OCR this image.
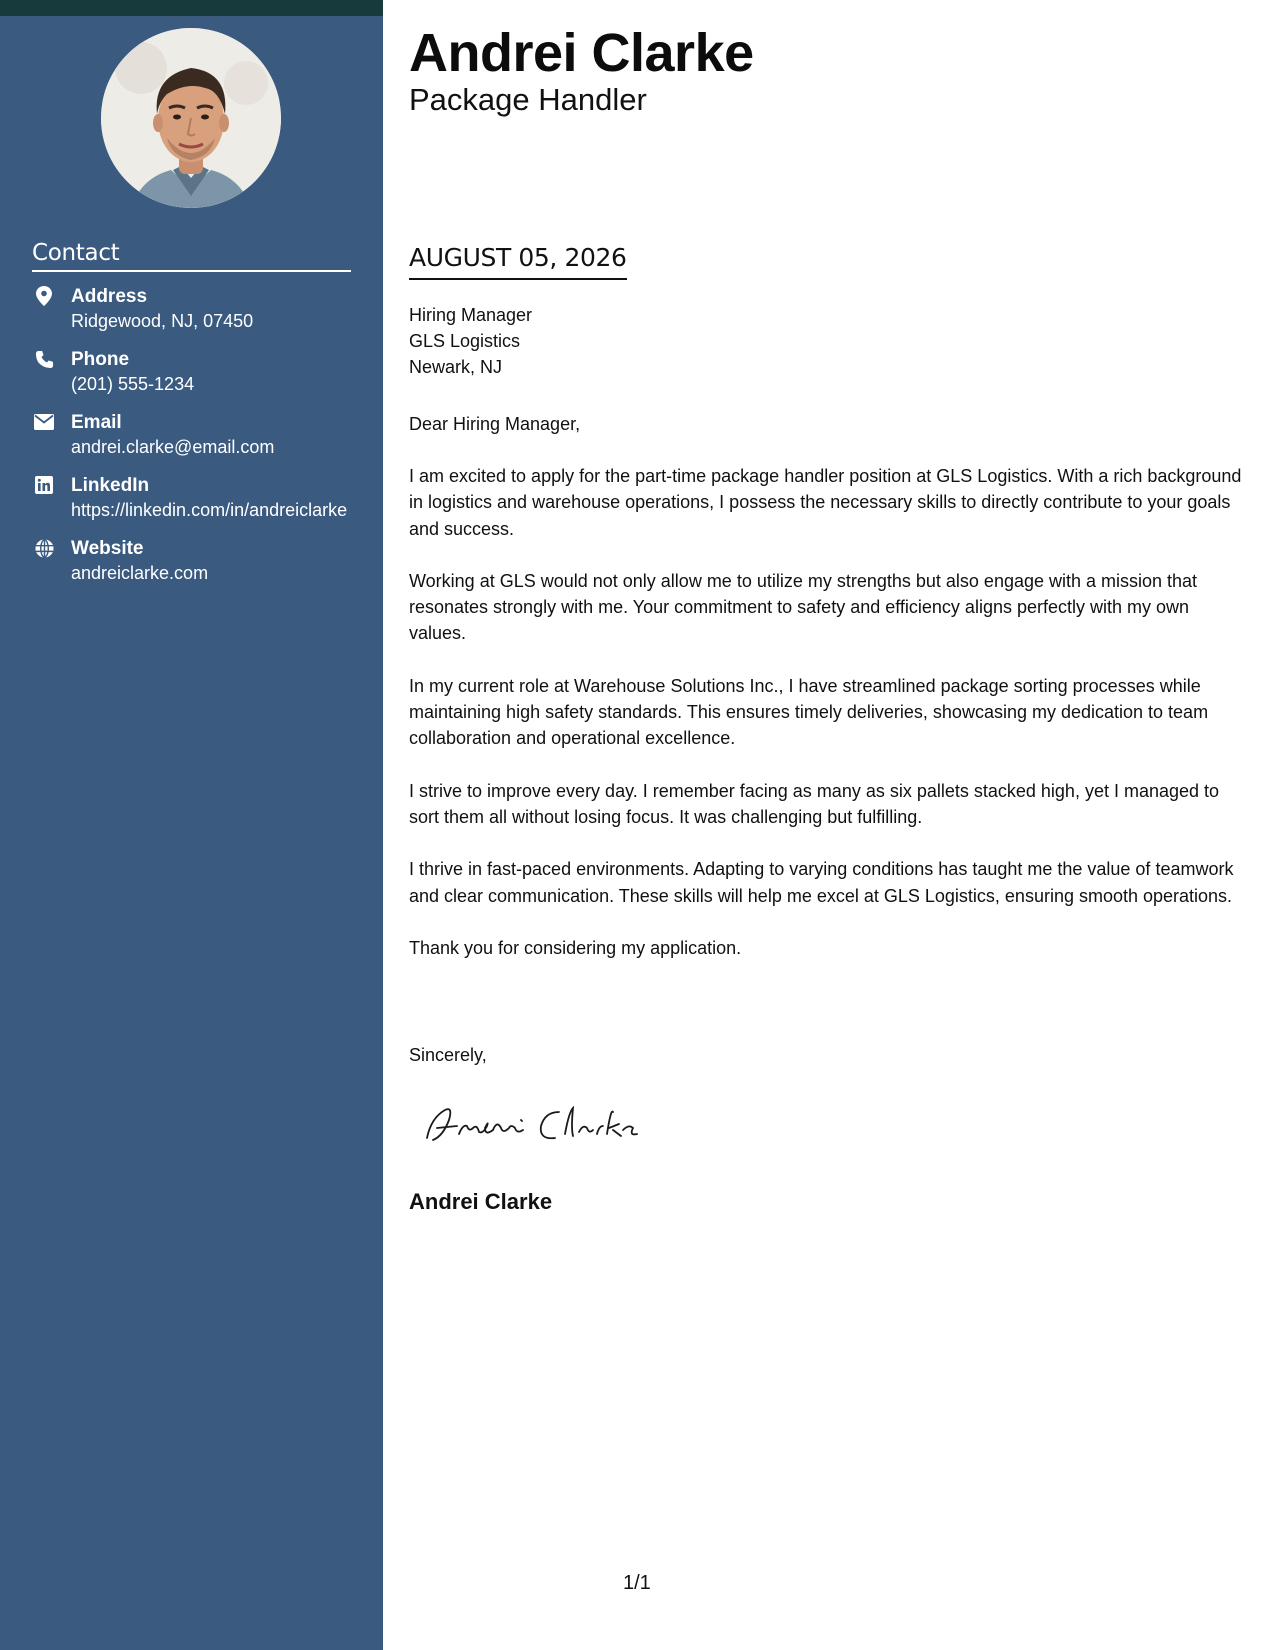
Contact
Address
Ridgewood, NJ, 07450
Phone
(201) 555-1234
Email
andrei.clarke@email.com
LinkedIn
https://linkedin.com/in/andreiclarke
Website
andreiclarke.com
Andrei Clarke
Package Handler
AUGUST 05, 2026
Hiring Manager
GLS Logistics
Newark, NJ
Dear Hiring Manager,

I am excited to apply for the part-time package handler position at GLS Logistics. With a rich background in logistics and warehouse operations, I possess the necessary skills to directly contribute to your goals and success.

Working at GLS would not only allow me to utilize my strengths but also engage with a mission that resonates strongly with me. Your commitment to safety and efficiency aligns perfectly with my own values.

In my current role at Warehouse Solutions Inc., I have streamlined package sorting processes while maintaining high safety standards. This ensures timely deliveries, showcasing my dedication to team collaboration and operational excellence.

I strive to improve every day. I remember facing as many as six pallets stacked high, yet I managed to sort them all without losing focus. It was challenging but fulfilling.

I thrive in fast-paced environments. Adapting to varying conditions has taught me the value of teamwork and clear communication. These skills will help me excel at GLS Logistics, ensuring smooth operations.

Thank you for considering my application.

Sincerely,
Andrei Clarke
1/1
